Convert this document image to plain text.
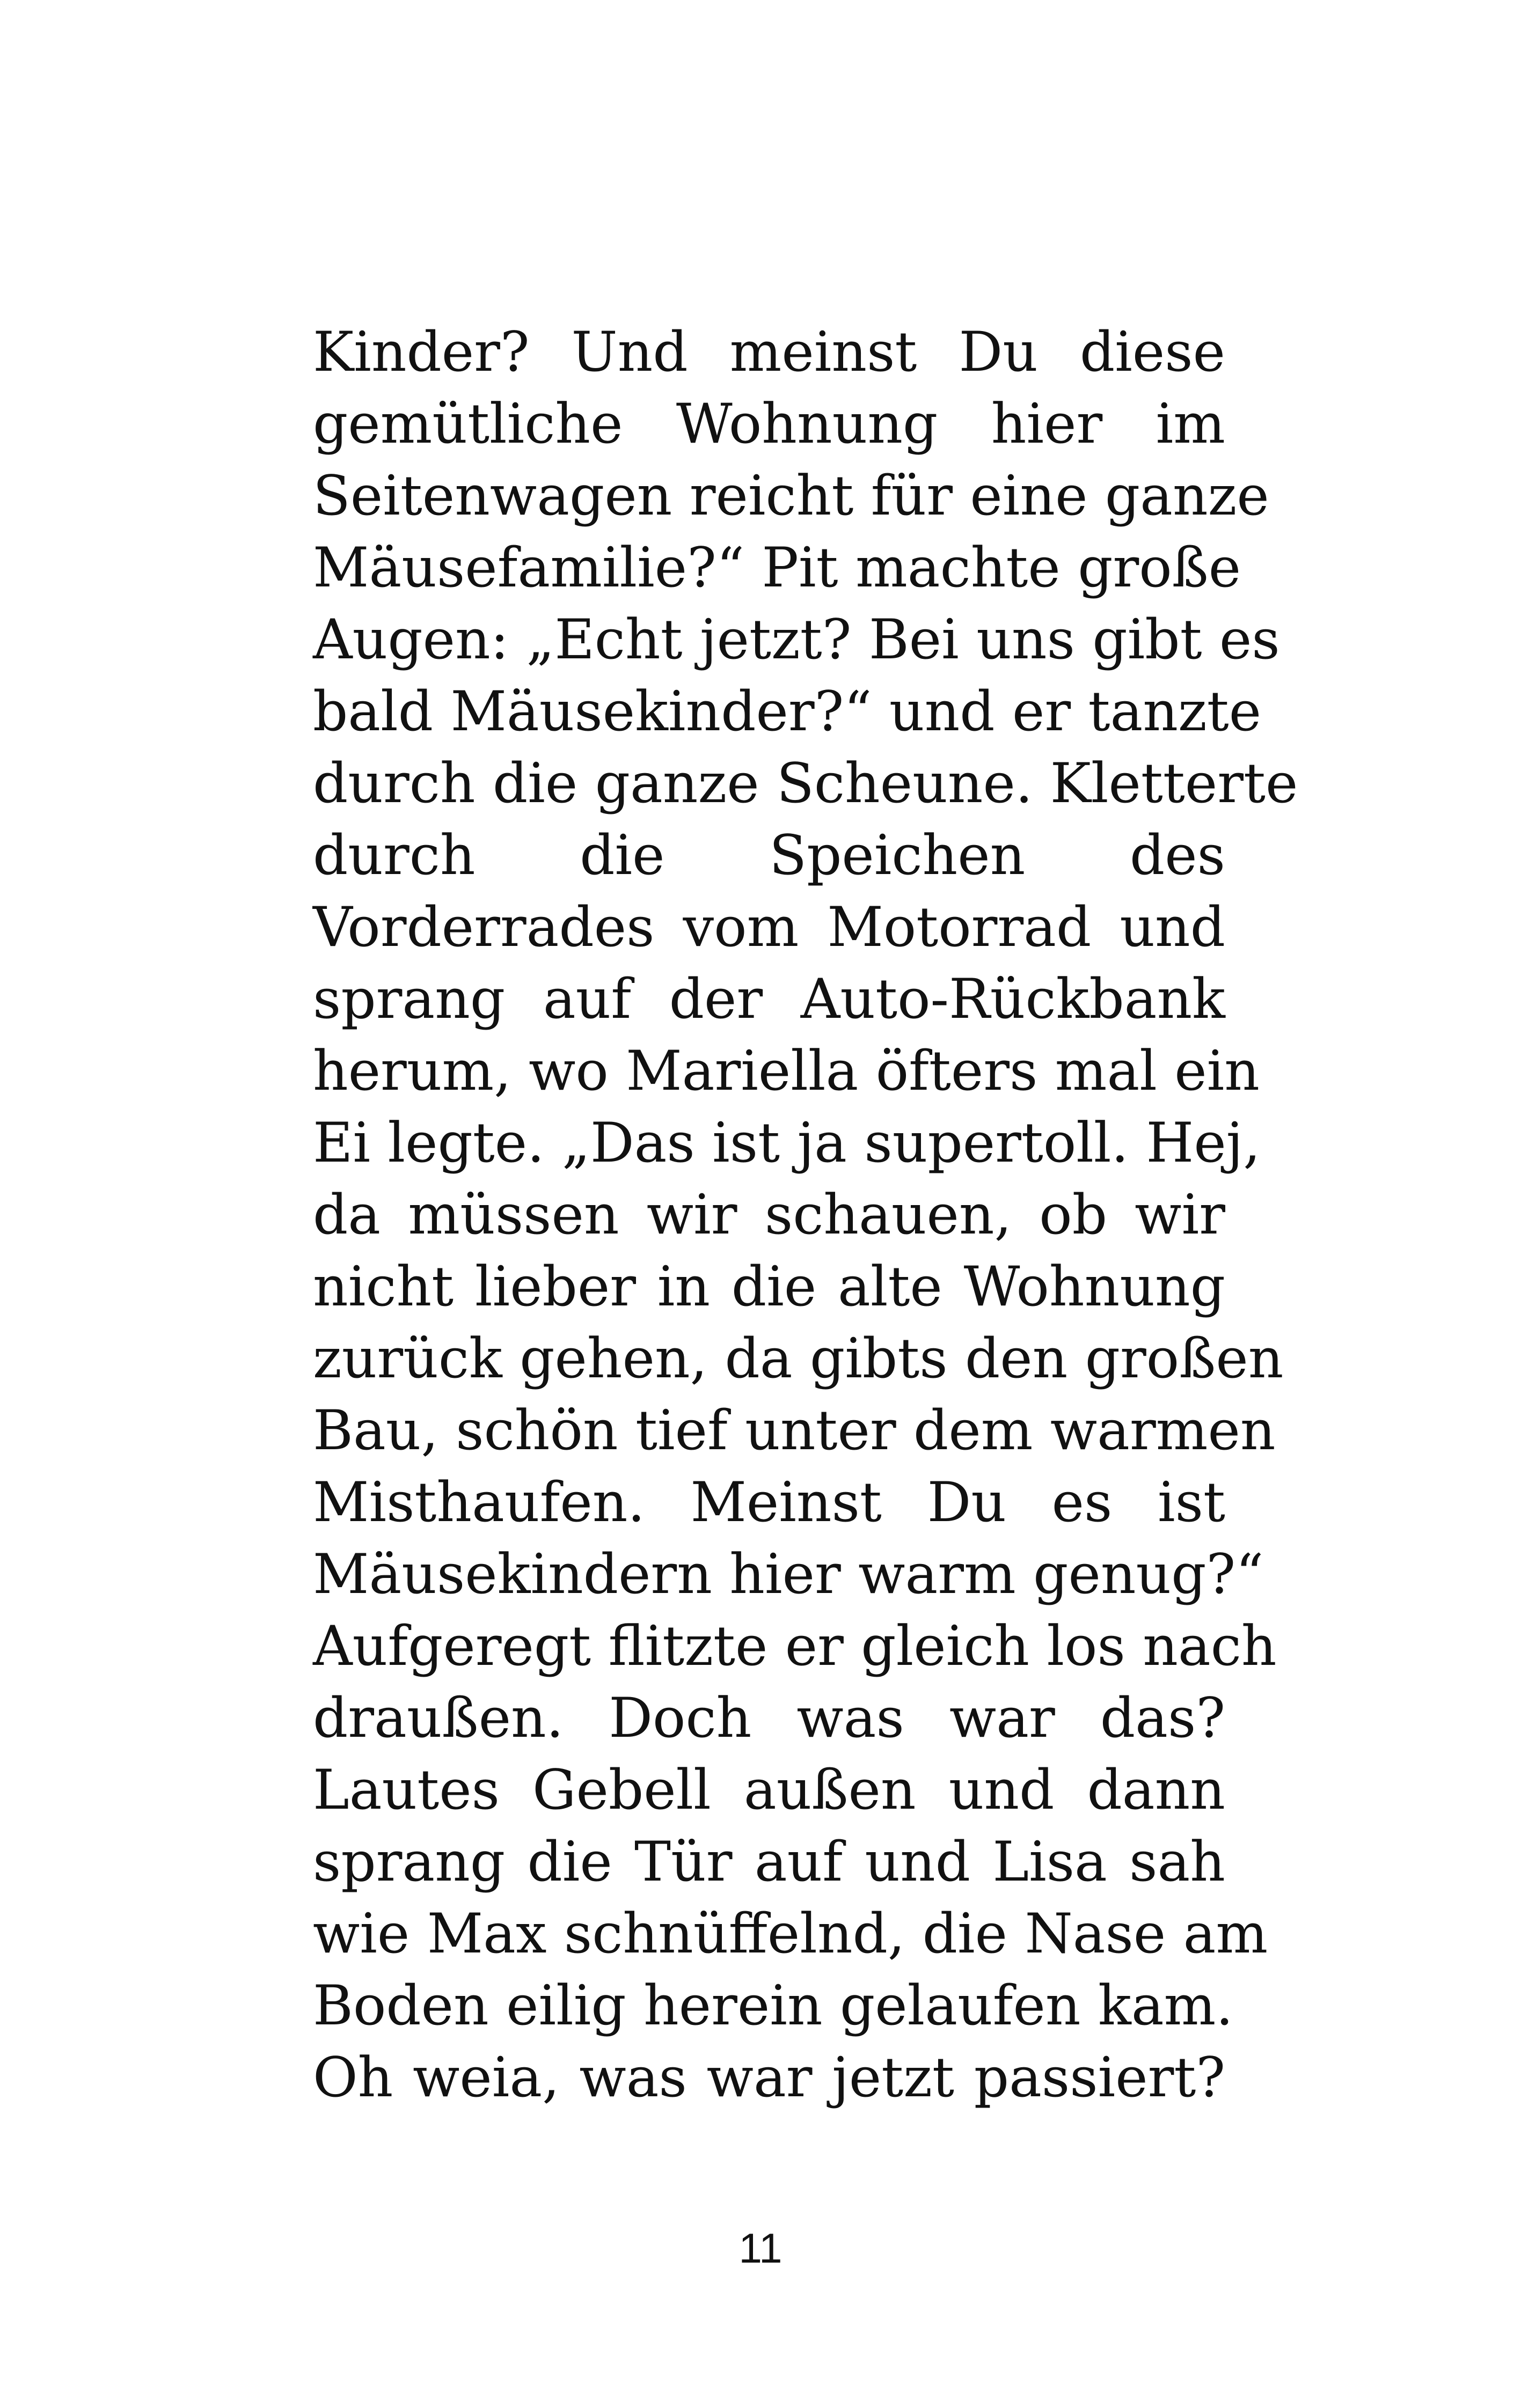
Kinder? Und meinst Du diese
gemütliche Wohnung hier im
Seitenwagen reicht für eine ganze
Mäusefamilie?“ Pit machte große
Augen: „Echt jetzt? Bei uns gibt es
bald Mäusekinder?“ und er tanzte
durch die ganze Scheune. Kletterte
durch die Speichen des
Vorderrades vom Motorrad und
sprang auf der Auto-Rückbank
herum, wo Mariella öfters mal ein
Ei legte. „Das ist ja supertoll. Hej,
da müssen wir schauen, ob wir
nicht lieber in die alte Wohnung
zurück gehen, da gibts den großen
Bau, schön tief unter dem warmen
Misthaufen. Meinst Du es ist
Mäusekindern hier warm genug?“
Aufgeregt flitzte er gleich los nach
draußen. Doch was war das?
Lautes Gebell außen und dann
sprang die Tür auf und Lisa sah
wie Max schnüffelnd, die Nase am
Boden eilig herein gelaufen kam.
Oh weia, was war jetzt passiert?
11
